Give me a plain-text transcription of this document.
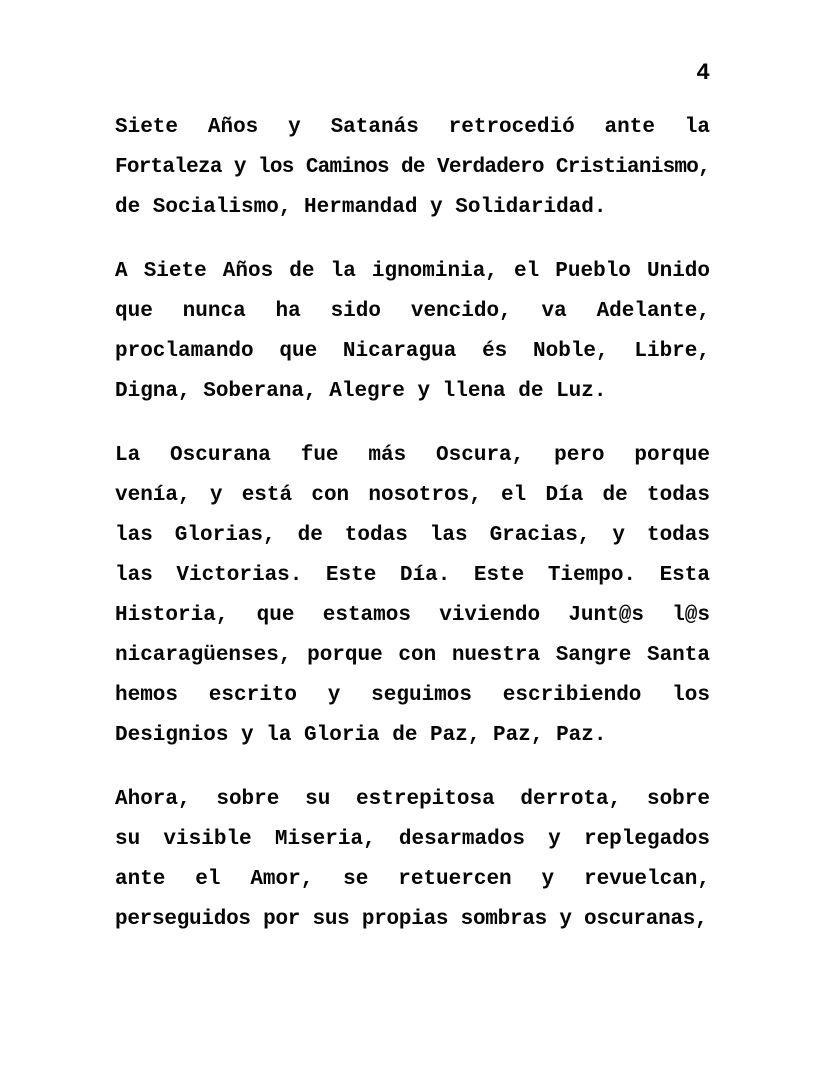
4

Siete Años y Satanás retrocedió ante la
Fortaleza y los Caminos de Verdadero Cristianismo,
de Socialismo, Hermandad y Solidaridad.

A Siete Años de la ignominia, el Pueblo Unido
que nunca ha sido vencido, va Adelante,
proclamando que Nicaragua és Noble, Libre,
Digna, Soberana, Alegre y llena de Luz.

La Oscurana fue más Oscura, pero porque
venía, y está con nosotros, el Día de todas
las Glorias, de todas las Gracias, y todas
las Victorias. Este Día. Este Tiempo. Esta
Historia, que estamos viviendo Junt@s l@s
nicaragüenses, porque con nuestra Sangre Santa
hemos escrito y seguimos escribiendo los
Designios y la Gloria de Paz, Paz, Paz.

Ahora, sobre su estrepitosa derrota, sobre
su visible Miseria, desarmados y replegados
ante el Amor, se retuercen y revuelcan,
perseguidos por sus propias sombras y oscuranas,
